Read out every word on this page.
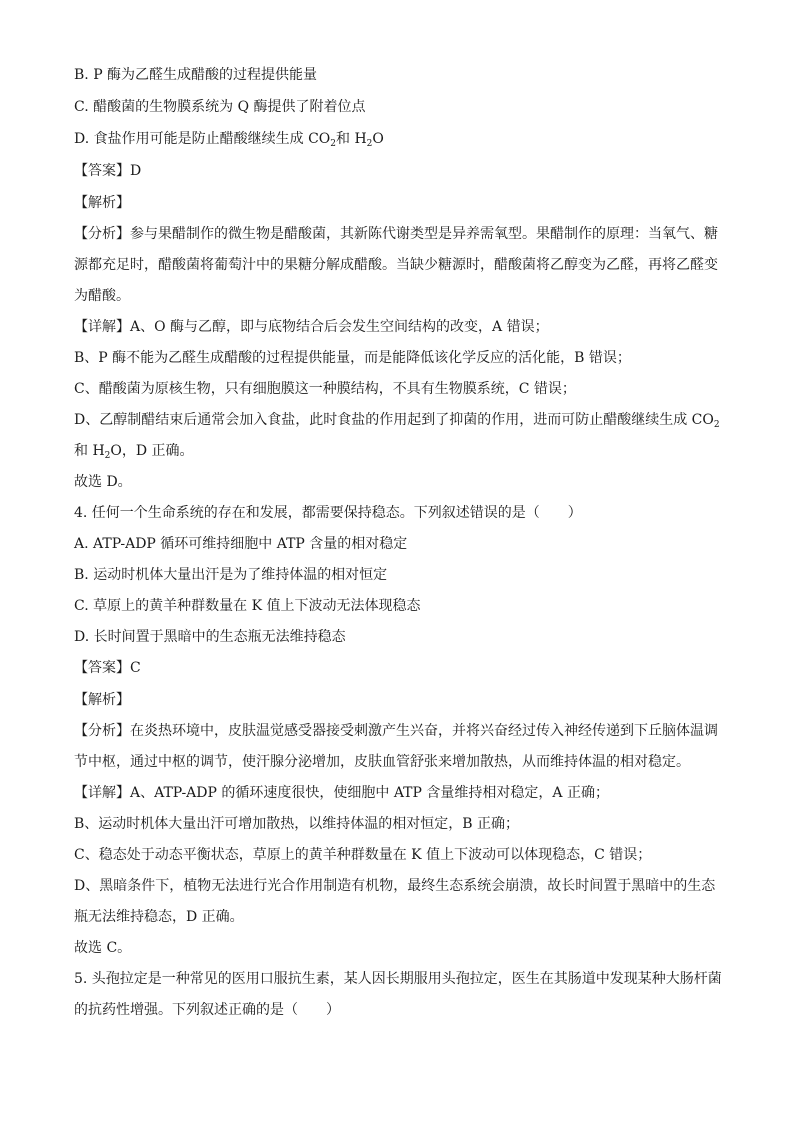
B. P 酶为乙醛生成醋酸的过程提供能量
C. 醋酸菌的生物膜系统为 Q 酶提供了附着位点
D. 食盐作用可能是防止醋酸继续生成 $CO_2$和 $H_2O$
【答案】D
【解析】
【分析】参与果醋制作的微生物是醋酸菌，其新陈代谢类型是异养需氧型。果醋制作的原理：当氧气、糖
源都充足时，醋酸菌将葡萄汁中的果糖分解成醋酸。当缺少糖源时，醋酸菌将乙醇变为乙醛，再将乙醛变
为醋酸。
【详解】A、O 酶与乙醇，即与底物结合后会发生空间结构的改变，A 错误；
B、P 酶不能为乙醛生成醋酸的过程提供能量，而是能降低该化学反应的活化能，B 错误；
C、醋酸菌为原核生物，只有细胞膜这一种膜结构，不具有生物膜系统，C 错误；
D、乙醇制醋结束后通常会加入食盐，此时食盐的作用起到了抑菌的作用，进而可防止醋酸继续生成 $CO_2$
和 $H_2O$，D 正确。
故选 D。
4. 任何一个生命系统的存在和发展，都需要保持稳态。下列叙述错误的是（　　）
A. ATP-ADP 循环可维持细胞中 ATP 含量的相对稳定
B. 运动时机体大量出汗是为了维持体温的相对恒定
C. 草原上的黄羊种群数量在 K 值上下波动无法体现稳态
D. 长时间置于黑暗中的生态瓶无法维持稳态
【答案】C
【解析】
【分析】在炎热环境中，皮肤温觉感受器接受刺激产生兴奋，并将兴奋经过传入神经传递到下丘脑体温调
节中枢，通过中枢的调节，使汗腺分泌增加，皮肤血管舒张来增加散热，从而维持体温的相对稳定。
【详解】A、ATP-ADP 的循环速度很快，使细胞中 ATP 含量维持相对稳定，A 正确；
B、运动时机体大量出汗可增加散热，以维持体温的相对恒定，B 正确；
C、稳态处于动态平衡状态，草原上的黄羊种群数量在 K 值上下波动可以体现稳态，C 错误；
D、黑暗条件下，植物无法进行光合作用制造有机物，最终生态系统会崩溃，故长时间置于黑暗中的生态
瓶无法维持稳态，D 正确。
故选 C。
5. 头孢拉定是一种常见的医用口服抗生素，某人因长期服用头孢拉定，医生在其肠道中发现某种大肠杆菌
的抗药性增强。下列叙述正确的是（　　）
